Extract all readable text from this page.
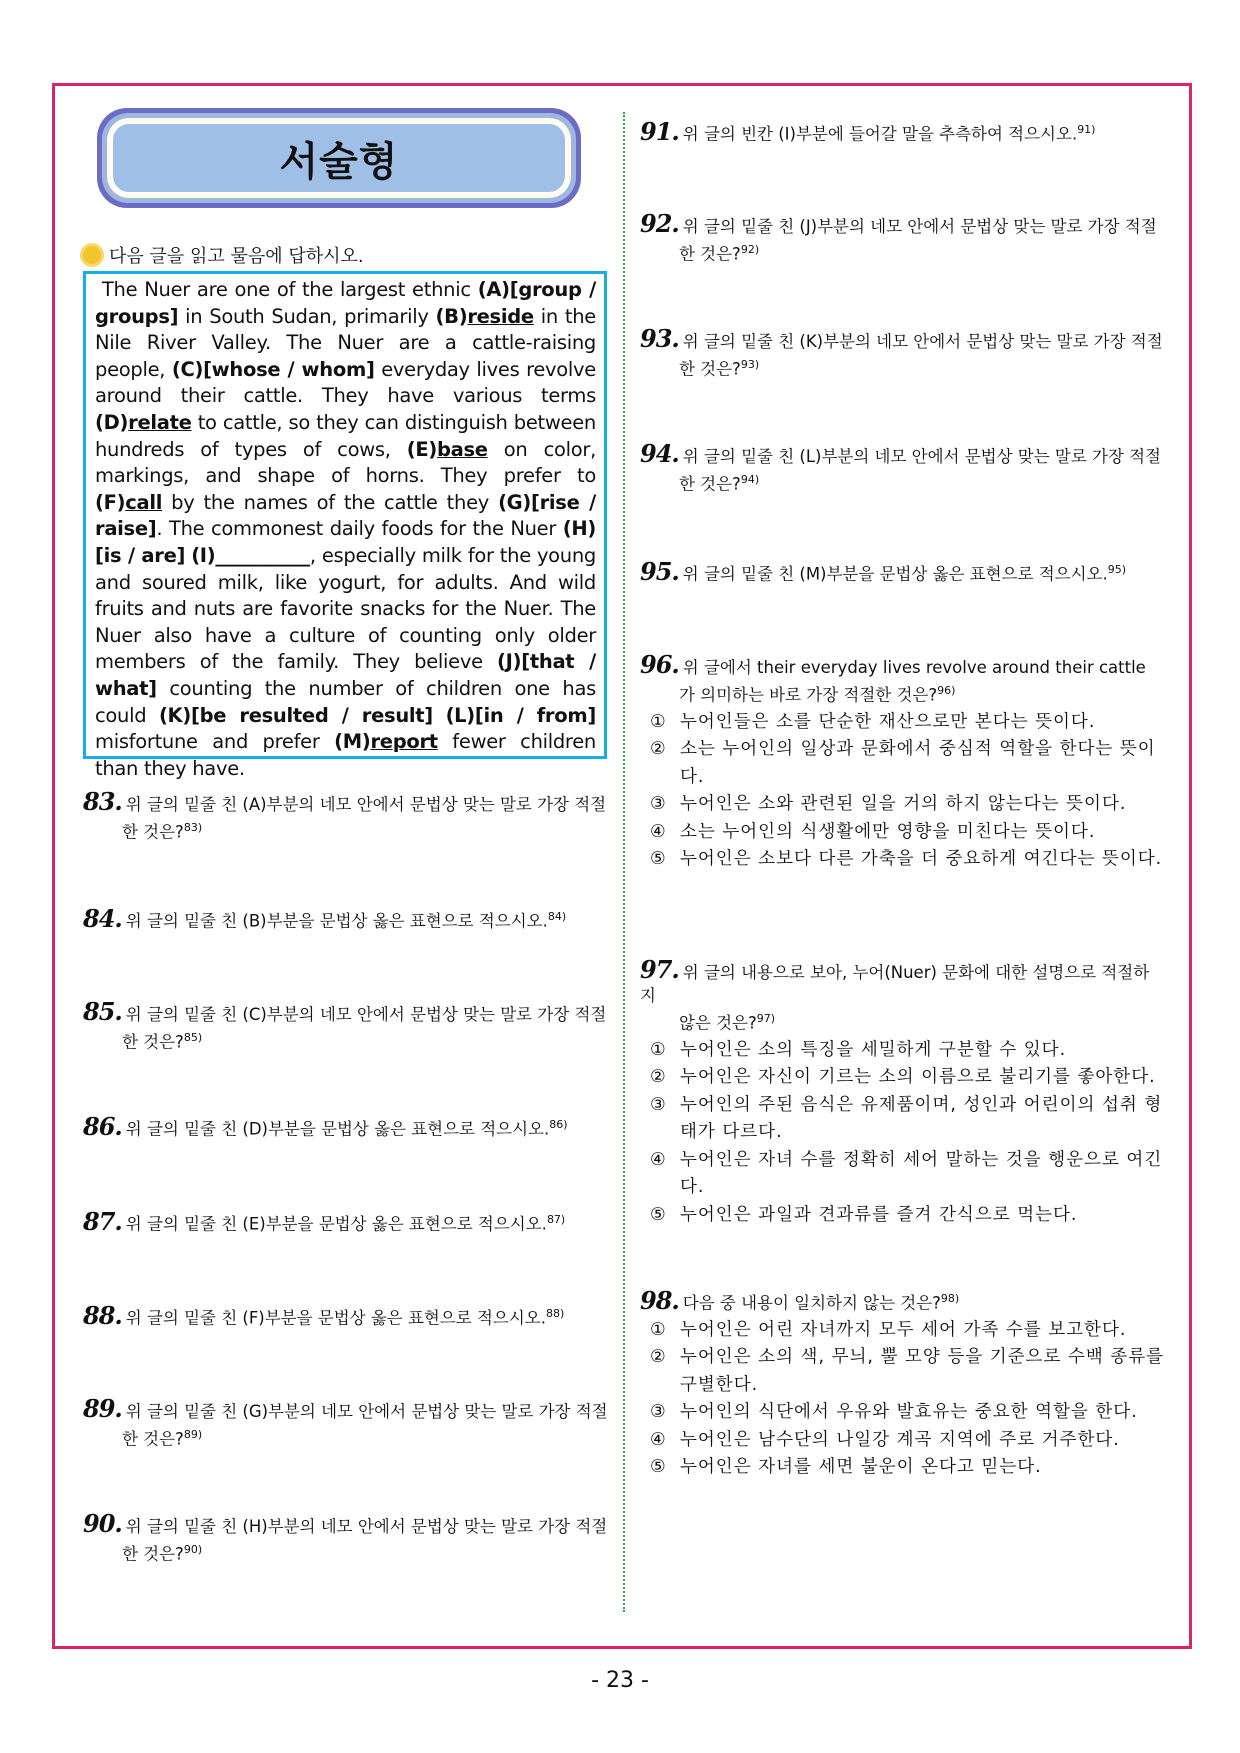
서술형
다음 글을 읽고 물음에 답하시오.
The Nuer are one of the largest ethnic (A)[group / groups] in South Sudan, primarily (B)reside in the Nile River Valley. The Nuer are a cattle-raising people, (C)[whose / whom] everyday lives revolve around their cattle. They have various terms (D)relate to cattle, so they can distinguish between hundreds of types of cows, (E)base on color, markings, and shape of horns. They prefer to (F)call by the names of the cattle they (G)[rise / raise]. The commonest daily foods for the Nuer (H)[is / are] (I)__________, especially milk for the young and soured milk, like yogurt, for adults. And wild fruits and nuts are favorite snacks for the Nuer. The Nuer also have a culture of counting only older members of the family. They believe (J)[that / what] counting the number of children one has could (K)[be resulted / result] (L)[in / from] misfortune and prefer (M)report fewer children than they have.
83. 위 글의 밑줄 친 (A)부분의 네모 안에서 문법상 맞는 말로 가장 적절
한 것은?$^{83)}$
84. 위 글의 밑줄 친 (B)부분을 문법상 옳은 표현으로 적으시오.$^{84)}$
85. 위 글의 밑줄 친 (C)부분의 네모 안에서 문법상 맞는 말로 가장 적절
한 것은?$^{85)}$
86. 위 글의 밑줄 친 (D)부분을 문법상 옳은 표현으로 적으시오.$^{86)}$
87. 위 글의 밑줄 친 (E)부분을 문법상 옳은 표현으로 적으시오.$^{87)}$
88. 위 글의 밑줄 친 (F)부분을 문법상 옳은 표현으로 적으시오.$^{88)}$
89. 위 글의 밑줄 친 (G)부분의 네모 안에서 문법상 맞는 말로 가장 적절
한 것은?$^{89)}$
90. 위 글의 밑줄 친 (H)부분의 네모 안에서 문법상 맞는 말로 가장 적절
한 것은?$^{90)}$
91. 위 글의 빈칸 (I)부분에 들어갈 말을 추측하여 적으시오.$^{91)}$
92. 위 글의 밑줄 친 (J)부분의 네모 안에서 문법상 맞는 말로 가장 적절
한 것은?$^{92)}$
93. 위 글의 밑줄 친 (K)부분의 네모 안에서 문법상 맞는 말로 가장 적절
한 것은?$^{93)}$
94. 위 글의 밑줄 친 (L)부분의 네모 안에서 문법상 맞는 말로 가장 적절
한 것은?$^{94)}$
95. 위 글의 밑줄 친 (M)부분을 문법상 옳은 표현으로 적으시오.$^{95)}$
96. 위 글에서 their everyday lives revolve around their cattle
가 의미하는 바로 가장 적절한 것은?$^{96)}$
① 누어인들은 소를 단순한 재산으로만 본다는 뜻이다.
② 소는 누어인의 일상과 문화에서 중심적 역할을 한다는 뜻이다.
③ 누어인은 소와 관련된 일을 거의 하지 않는다는 뜻이다.
④ 소는 누어인의 식생활에만 영향을 미친다는 뜻이다.
⑤ 누어인은 소보다 다른 가축을 더 중요하게 여긴다는 뜻이다.
97. 위 글의 내용으로 보아, 누어(Nuer) 문화에 대한 설명으로 적절하지
않은 것은?$^{97)}$
① 누어인은 소의 특징을 세밀하게 구분할 수 있다.
② 누어인은 자신이 기르는 소의 이름으로 불리기를 좋아한다.
③ 누어인의 주된 음식은 유제품이며, 성인과 어린이의 섭취 형태가 다르다.
④ 누어인은 자녀 수를 정확히 세어 말하는 것을 행운으로 여긴다.
⑤ 누어인은 과일과 견과류를 즐겨 간식으로 먹는다.
98. 다음 중 내용이 일치하지 않는 것은?$^{98)}$
① 누어인은 어린 자녀까지 모두 세어 가족 수를 보고한다.
② 누어인은 소의 색, 무늬, 뿔 모양 등을 기준으로 수백 종류를 구별한다.
③ 누어인의 식단에서 우유와 발효유는 중요한 역할을 한다.
④ 누어인은 남수단의 나일강 계곡 지역에 주로 거주한다.
⑤ 누어인은 자녀를 세면 불운이 온다고 믿는다.
- 23 -
